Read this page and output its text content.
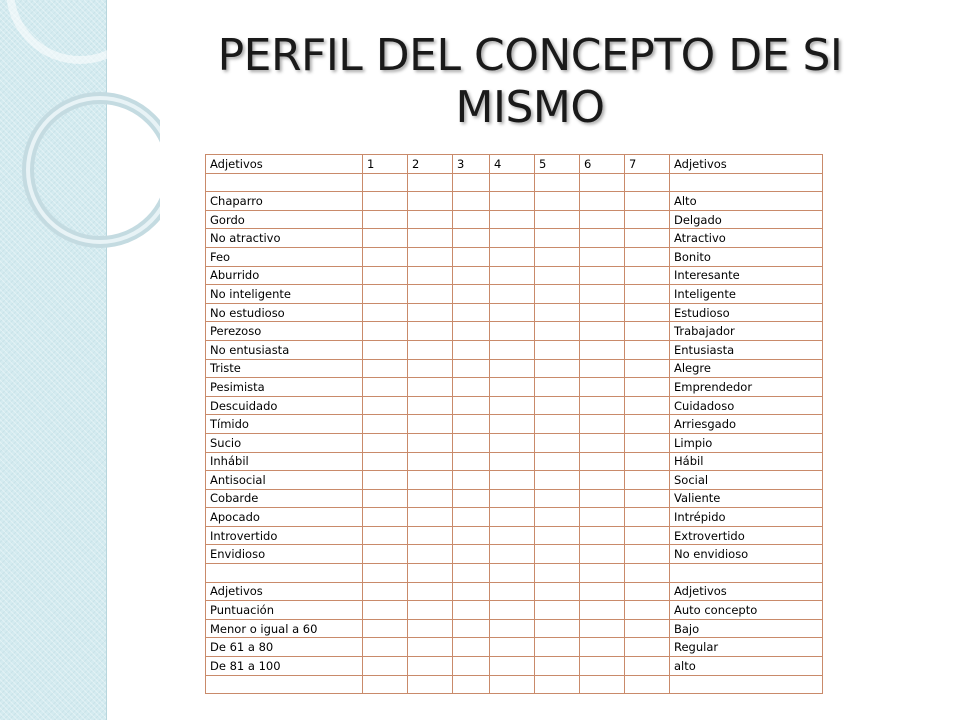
PERFIL DEL CONCEPTO DE SI MISMO
Adjetivos	1	2	3	4	5	6	7	Adjetivos

Chaparro								Alto
Gordo								Delgado
No atractivo								Atractivo
Feo								Bonito
Aburrido								Interesante
No inteligente								Inteligente
No estudioso								Estudioso
Perezoso								Trabajador
No entusiasta								Entusiasta
Triste								Alegre
Pesimista								Emprendedor
Descuidado								Cuidadoso
Tímido								Arriesgado
Sucio								Limpio
Inhábil								Hábil
Antisocial								Social
Cobarde								Valiente
Apocado								Intrépido
Introvertido								Extrovertido
Envidioso								No envidioso

Adjetivos								Adjetivos
Puntuación								Auto concepto
Menor o igual a 60								Bajo
De 61 a 80								Regular
De 81 a 100								alto
